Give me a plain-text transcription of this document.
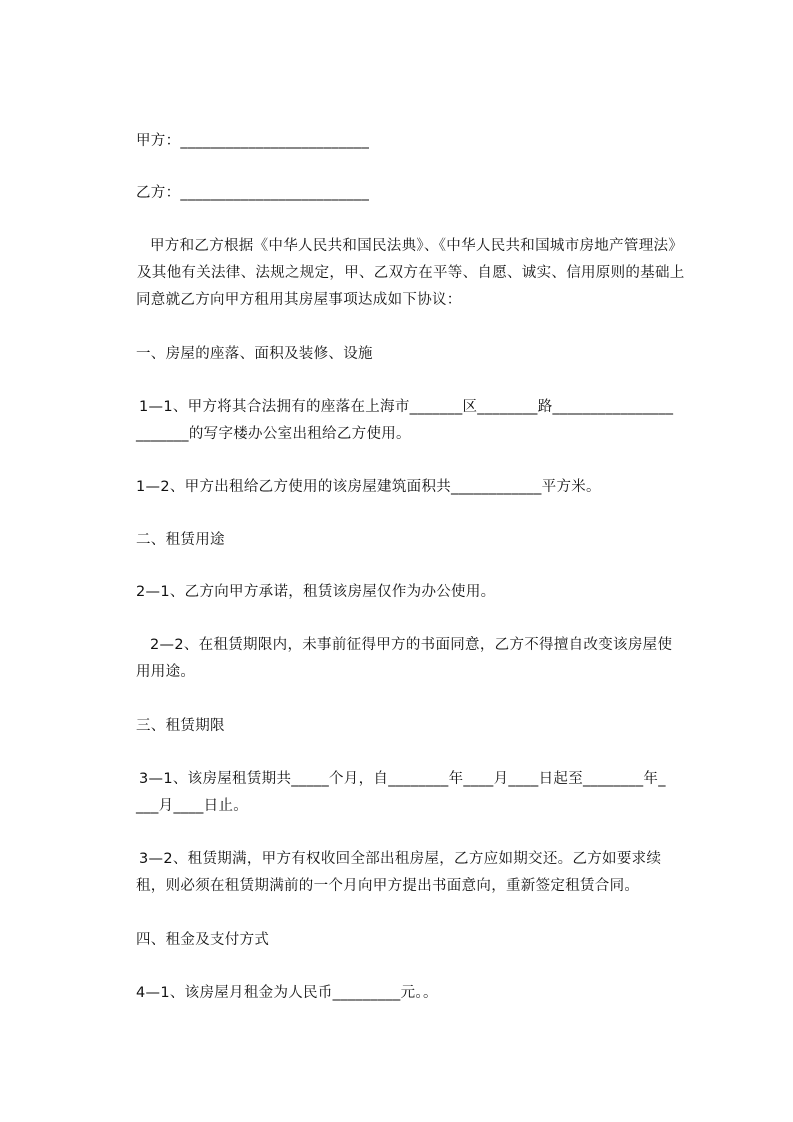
甲方：_________________________
乙方：_________________________
甲方和乙方根据《中华人民共和国民法典》、《中华人民共和国城市房地产管理法》
及其他有关法律、法规之规定，甲、乙双方在平等、自愿、诚实、信用原则的基础上
同意就乙方向甲方租用其房屋事项达成如下协议：
一、房屋的座落、面积及装修、设施
1—1、甲方将其合法拥有的座落在上海市_______区________路________________
_______的写字楼办公室出租给乙方使用。
1—2、甲方出租给乙方使用的该房屋建筑面积共____________平方米。
二、租赁用途
2—1、乙方向甲方承诺，租赁该房屋仅作为办公使用。
2—2、在租赁期限内，未事前征得甲方的书面同意，乙方不得擅自改变该房屋使
用用途。
三、租赁期限
3—1、该房屋租赁期共_____个月，自________年____月____日起至________年_
___月____日止。
3—2、租赁期满，甲方有权收回全部出租房屋，乙方应如期交还。乙方如要求续
租，则必须在租赁期满前的一个月向甲方提出书面意向，重新签定租赁合同。
四、租金及支付方式
4—1、该房屋月租金为人民币_________元。。
